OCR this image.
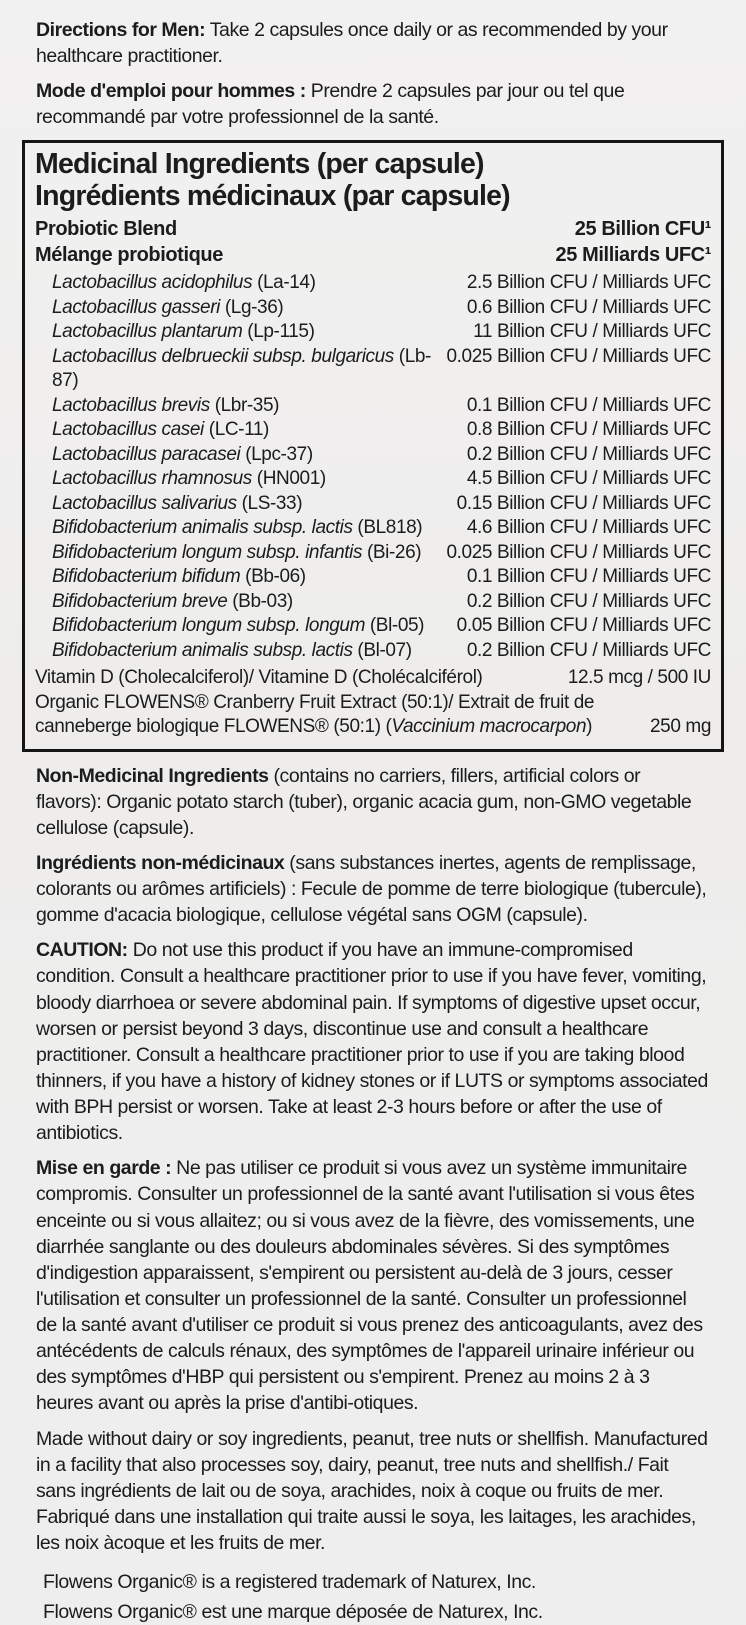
Directions for Men: Take 2 capsules once daily or as recommended by your healthcare practitioner.

Mode d'emploi pour hommes : Prendre 2 capsules par jour ou tel que recommandé par votre professionnel de la santé.

Medicinal Ingredients (per capsule)
Ingrédients médicinaux (par capsule)
Probiotic Blend	25 Billion CFU¹
Mélange probiotique	25 Milliards UFC¹
Lactobacillus acidophilus (La-14)	2.5 Billion CFU / Milliards UFC
Lactobacillus gasseri (Lg-36)	0.6 Billion CFU / Milliards UFC
Lactobacillus plantarum (Lp-115)	11 Billion CFU / Milliards UFC
Lactobacillus delbrueckii subsp. bulgaricus (Lb-87)
0.025 Billion CFU / Milliards UFC
Lactobacillus brevis (Lbr-35)	0.1 Billion CFU / Milliards UFC
Lactobacillus casei (LC-11)	0.8 Billion CFU / Milliards UFC
Lactobacillus paracasei (Lpc-37)	0.2 Billion CFU / Milliards UFC
Lactobacillus rhamnosus (HN001)	4.5 Billion CFU / Milliards UFC
Lactobacillus salivarius (LS-33)	0.15 Billion CFU / Milliards UFC
Bifidobacterium animalis subsp. lactis (BL818) 4.6 Billion CFU / Milliards UFC
Bifidobacterium longum subsp. infantis (Bi-26) 0.025 Billion CFU / Milliards UFC
Bifidobacterium bifidum (Bb-06)	0.1 Billion CFU / Milliards UFC
Bifidobacterium breve (Bb-03)	0.2 Billion CFU / Milliards UFC
Bifidobacterium longum subsp. longum (Bl-05) 0.05 Billion CFU / Milliards UFC
Bifidobacterium animalis subsp. lactis (Bl-07)	0.2 Billion CFU / Milliards UFC
Vitamin D (Cholecalciferol)/ Vitamine D (Cholécalciférol)	12.5 mcg / 500 IU
Organic FLOWENS® Cranberry Fruit Extract (50:1)/ Extrait de fruit de canneberge biologique FLOWENS® (50:1) (Vaccinium macrocarpon)	250 mg

Non-Medicinal Ingredients (contains no carriers, fillers, artificial colors or flavors): Organic potato starch (tuber), organic acacia gum, non-GMO vegetable cellulose (capsule).

Ingrédients non-médicinaux (sans substances inertes, agents de remplissage, colorants ou arômes artificiels) : Fecule de pomme de terre biologique (tubercule), gomme d'acacia biologique, cellulose végétal sans OGM (capsule).

CAUTION: Do not use this product if you have an immune-compromised condition. Consult a healthcare practitioner prior to use if you have fever, vomiting, bloody diarrhoea or severe abdominal pain. If symptoms of digestive upset occur, worsen or persist beyond 3 days, discontinue use and consult a healthcare practitioner. Consult a healthcare practitioner prior to use if you are taking blood thinners, if you have a history of kidney stones or if LUTS or symptoms associated with BPH persist or worsen. Take at least 2-3 hours before or after the use of antibiotics.

Mise en garde : Ne pas utiliser ce produit si vous avez un système immunitaire compromis. Consulter un professionnel de la santé avant l'utilisation si vous êtes enceinte ou si vous allaitez; ou si vous avez de la fièvre, des vomissements, une diarrhée sanglante ou des douleurs abdominales sévères. Si des symptômes d'indigestion apparaissent, s'empirent ou persistent au-delà de 3 jours, cesser l'utilisation et consulter un professionnel de la santé. Consulter un professionnel de la santé avant d'utiliser ce produit si vous prenez des anticoagulants, avez des antécédents de calculs rénaux, des symptômes de l'appareil urinaire inférieur ou des symptômes d'HBP qui persistent ou s'empirent. Prenez au moins 2 à 3 heures avant ou après la prise d'antibi-otiques.

Made without dairy or soy ingredients, peanut, tree nuts or shellfish. Manufactured in a facility that also processes soy, dairy, peanut, tree nuts and shellfish./ Fait sans ingrédients de lait ou de soya, arachides, noix à coque ou fruits de mer. Fabriqué dans une installation qui traite aussi le soya, les laitages, les arachides, les noix àcoque et les fruits de mer.

Flowens Organic® is a registered trademark of Naturex, Inc.

Flowens Organic® est une marque déposée de Naturex, Inc.
